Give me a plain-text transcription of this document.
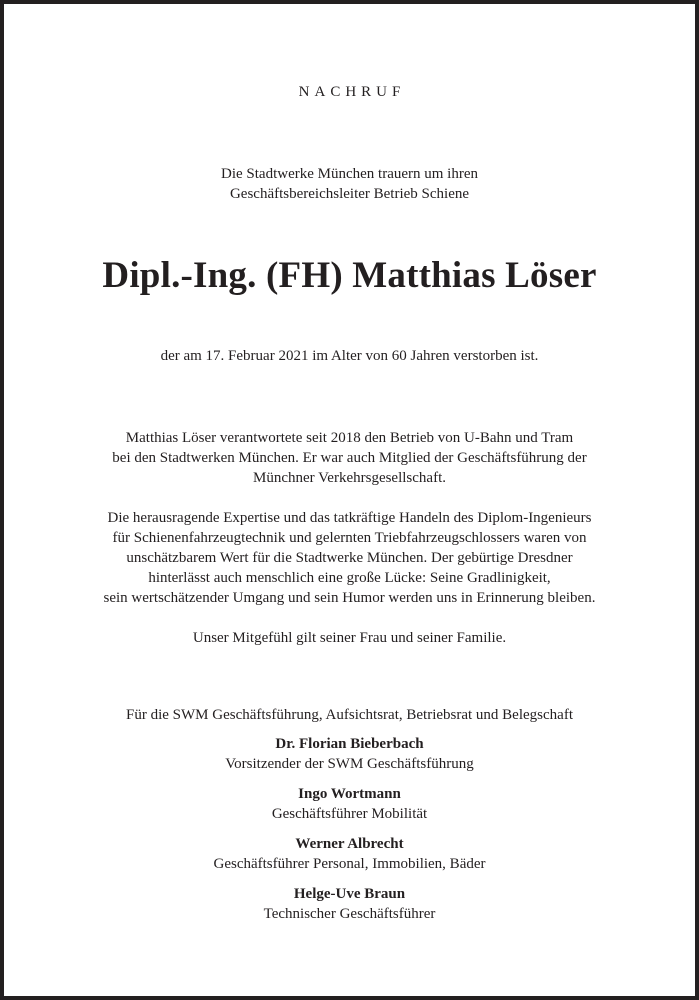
NACHRUF
Die Stadtwerke München trauern um ihren
Geschäftsbereichsleiter Betrieb Schiene
Dipl.-Ing. (FH) Matthias Löser
der am 17. Februar 2021 im Alter von 60 Jahren verstorben ist.
Matthias Löser verantwortete seit 2018 den Betrieb von U-Bahn und Tram
bei den Stadtwerken München. Er war auch Mitglied der Geschäftsführung der
Münchner Verkehrsgesellschaft.
Die herausragende Expertise und das tatkräftige Handeln des Diplom-Ingenieurs
für Schienenfahrzeugtechnik und gelernten Triebfahrzeugschlossers waren von
unschätzbarem Wert für die Stadtwerke München. Der gebürtige Dresdner
hinterlässt auch menschlich eine große Lücke: Seine Gradlinigkeit,
sein wertschätzender Umgang und sein Humor werden uns in Erinnerung bleiben.
Unser Mitgefühl gilt seiner Frau und seiner Familie.
Für die SWM Geschäftsführung, Aufsichtsrat, Betriebsrat und Belegschaft
Dr. Florian Bieberbach
Vorsitzender der SWM Geschäftsführung
Ingo Wortmann
Geschäftsführer Mobilität
Werner Albrecht
Geschäftsführer Personal, Immobilien, Bäder
Helge-Uve Braun
Technischer Geschäftsführer
